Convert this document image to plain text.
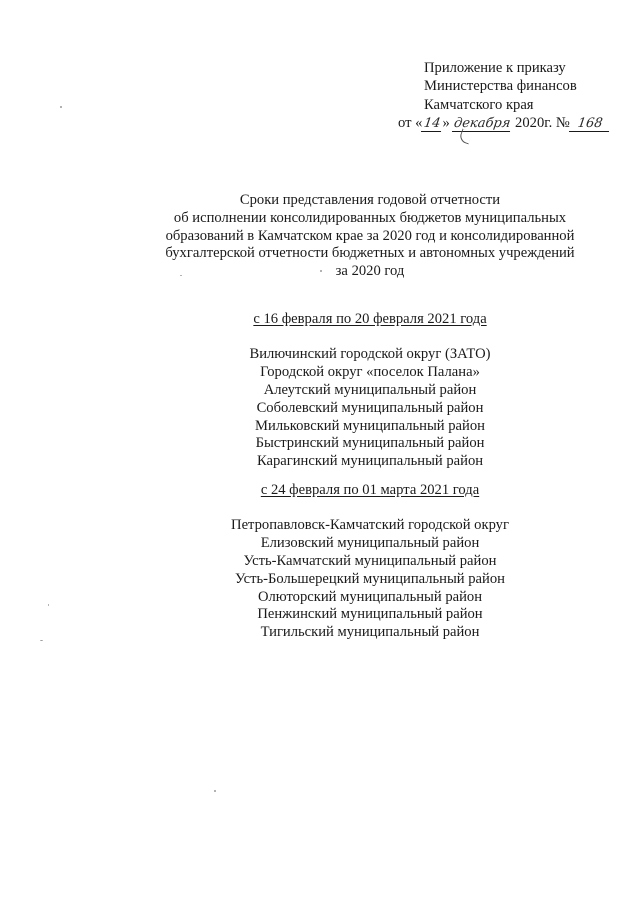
Приложение к приказу
Министерства финансов
Камчатского края
от «14» декабря 2020г. № 168
Сроки представления годовой отчетности
об исполнении консолидированных бюджетов муниципальных
образований в Камчатском крае за 2020 год и консолидированной
бухгалтерской отчетности бюджетных и автономных учреждений
за 2020 год
с 16 февраля по 20 февраля 2021 года
Вилючинский городской округ (ЗАТО)
Городской округ «поселок Палана»
Алеутский муниципальный район
Соболевский муниципальный район
Мильковский муниципальный район
Быстринский муниципальный район
Карагинский муниципальный район
с 24 февраля по 01 марта 2021 года
Петропавловск-Камчатский городской округ
Елизовский муниципальный район
Усть-Камчатский муниципальный район
Усть-Большерецкий муниципальный район
Олюторский муниципальный район
Пенжинский муниципальный район
Тигильский муниципальный район
